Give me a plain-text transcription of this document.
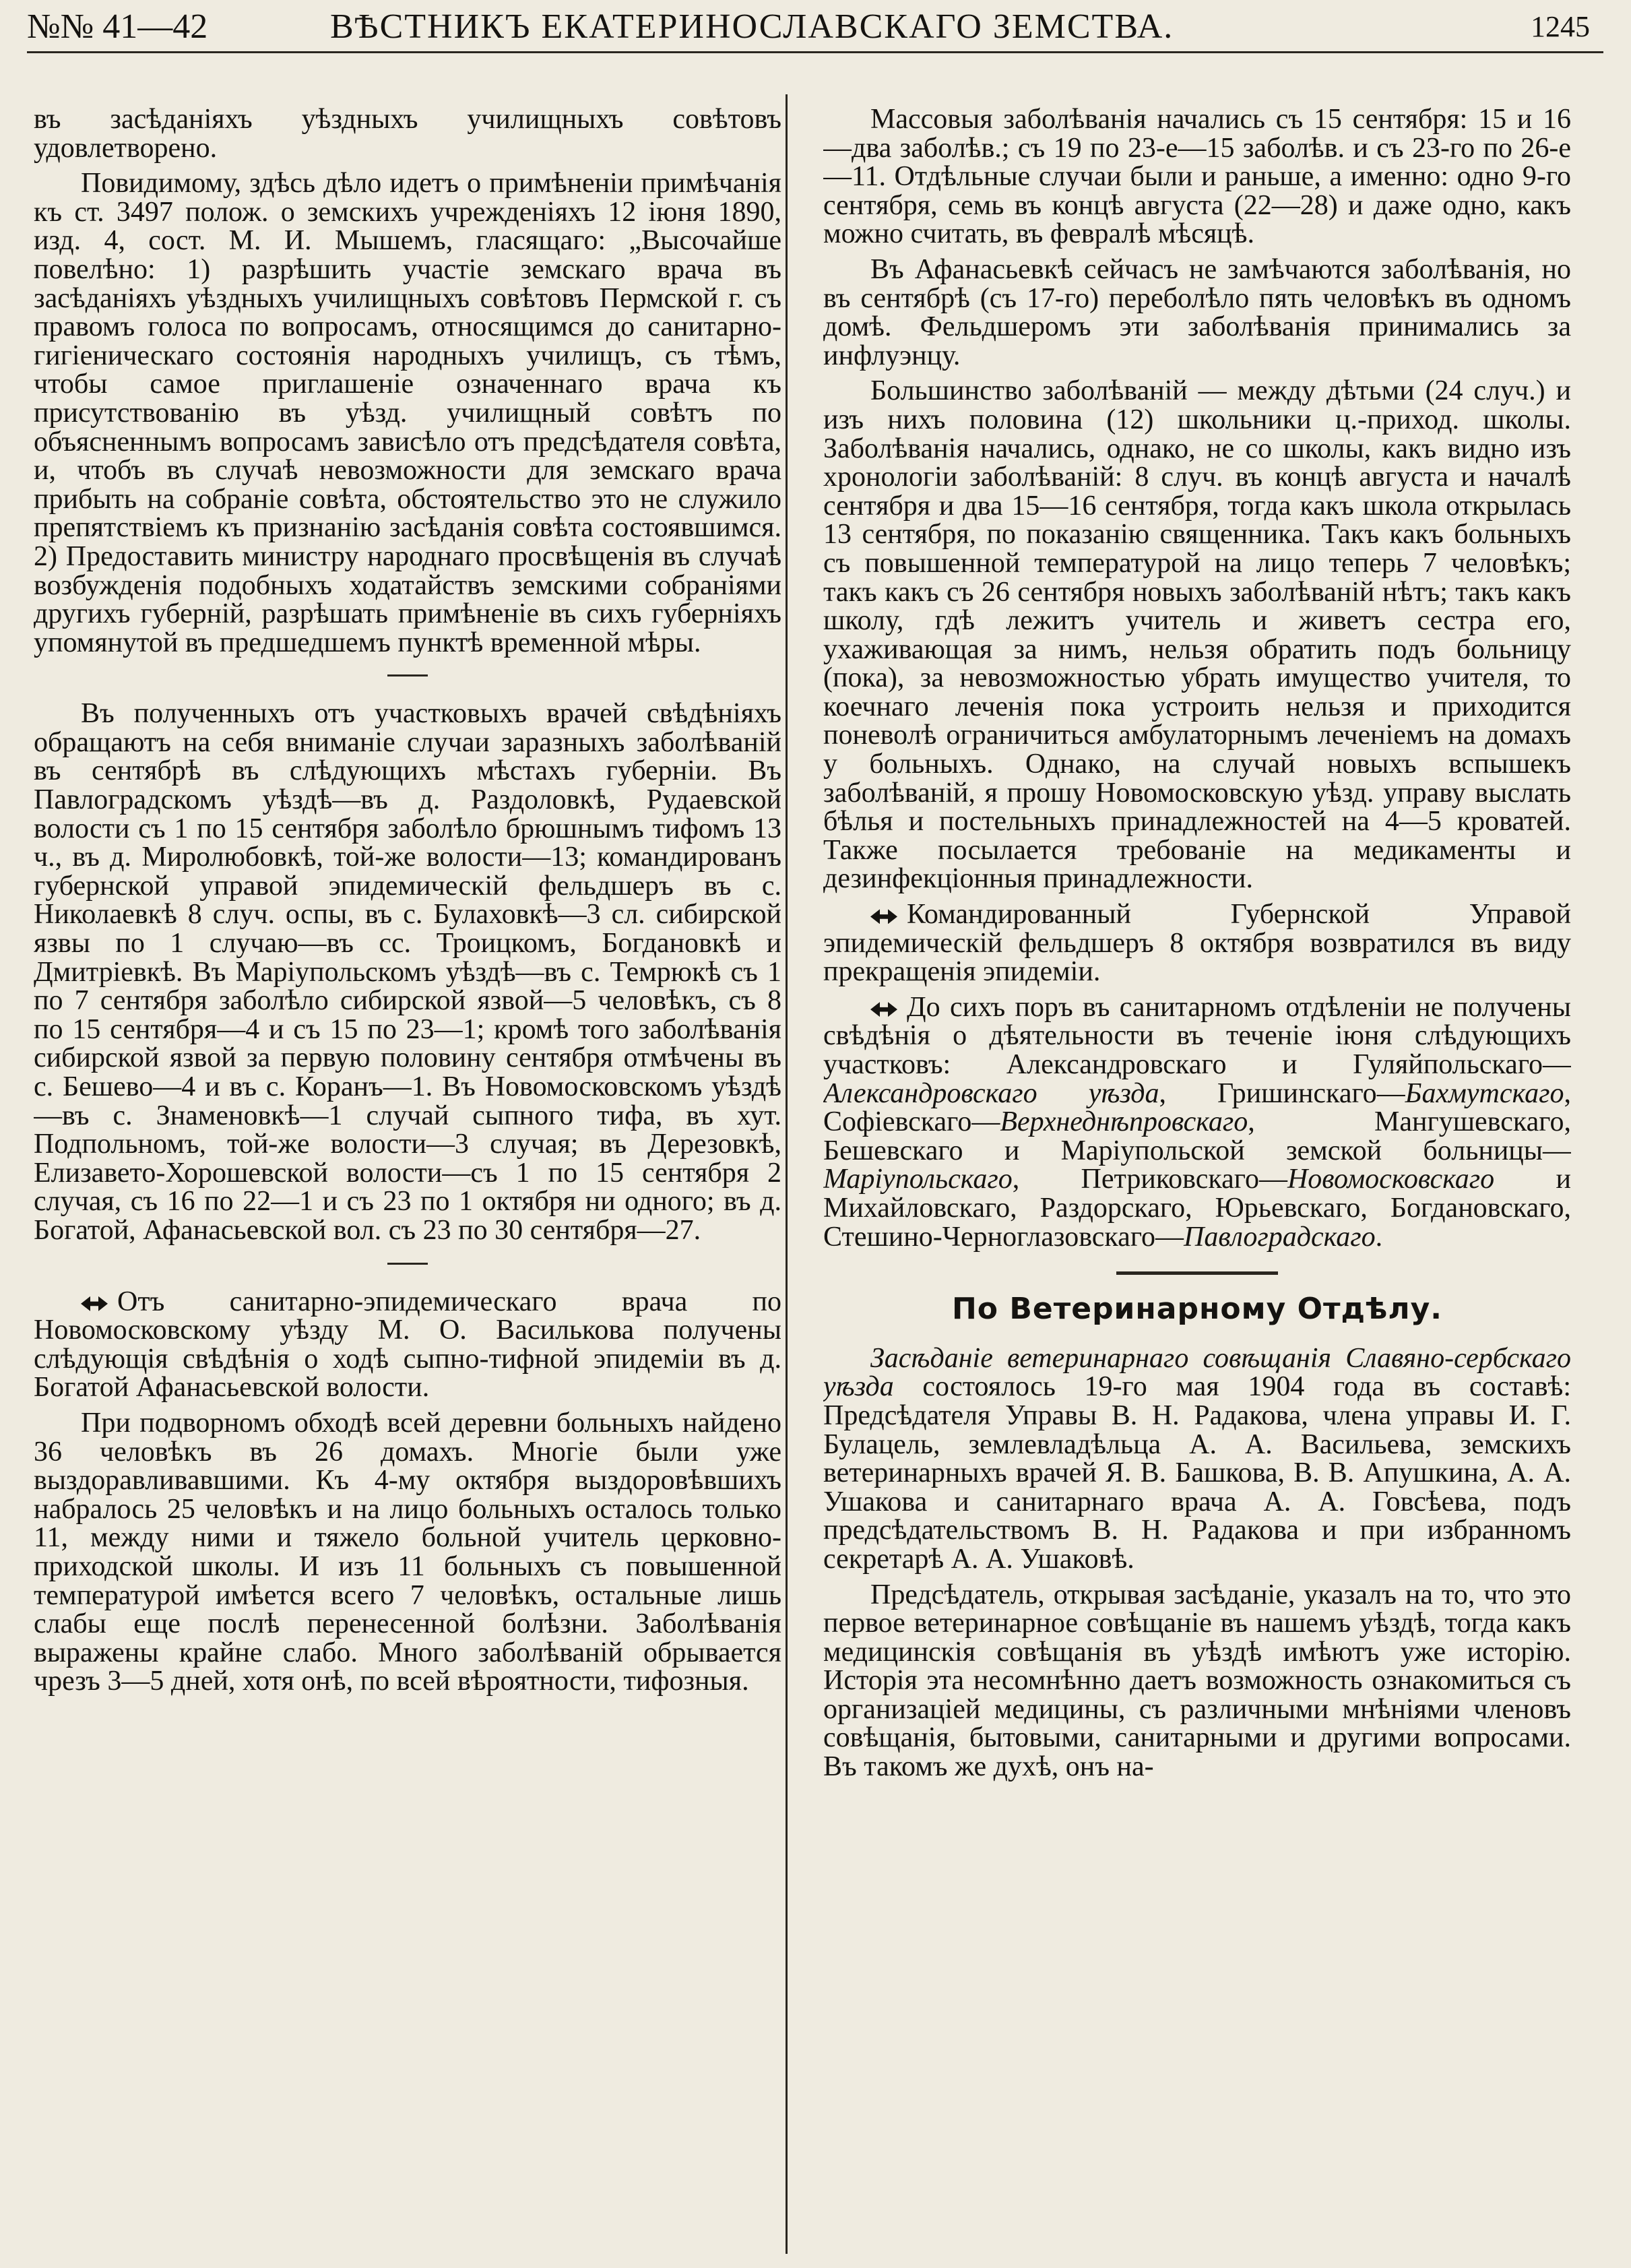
№№ 41—42	ВѢСТНИКЪ ЕКАТЕРИНОСЛАВСКАГО ЗЕМСТВА.	1245

въ засѣданiяхъ уѣздныхъ училищныхъ совѣтовъ удовлетворено.

Повидимому, здѣсь дѣло идетъ о примѣненiи примѣчанiя къ ст. 3497 полож. о земскихъ учрежденiяхъ 12 iюня 1890, изд. 4, сост. М. И. Мышемъ, гласящаго: „Высочайше повелѣно: 1) разрѣшить участiе земскаго врача въ засѣданiяхъ уѣздныхъ училищныхъ совѣтовъ Пермской г. съ правомъ голоса по вопросамъ, относящимся до санитарно-гигiеническаго состоянiя народныхъ училищъ, съ тѣмъ, чтобы самое приглашенiе означеннаго врача къ присутствованiю въ уѣзд. училищный совѣтъ по объясненнымъ вопросамъ зависѣло отъ предсѣдателя совѣта, и, чтобъ въ случаѣ невозможности для земскаго врача прибыть на собранiе совѣта, обстоятельство это не служило препятствiемъ къ признанiю засѣданiя совѣта состоявшимся. 2) Предоставить министру народнаго просвѣщенiя въ случаѣ возбужденiя подобныхъ ходатайствъ земскими собранiями другихъ губернiй, разрѣшать примѣненiе въ сихъ губернiяхъ упомянутой въ предшедшемъ пунктѣ временной мѣры.

Въ полученныхъ отъ участковыхъ врачей свѣдѣнiяхъ обращаютъ на себя вниманiе случаи заразныхъ заболѣванiй въ сентябрѣ въ слѣдующихъ мѣстахъ губернiи. Въ Павлоградскомъ уѣздѣ—въ д. Раздоловкѣ, Рудаевской волости съ 1 по 15 сентября заболѣло брюшнымъ тифомъ 13 ч., въ д. Миролюбовкѣ, той-же волости—13; командированъ губернской управой эпидемическiй фельдшеръ въ с. Николаевкѣ 8 случ. оспы, въ с. Булаховкѣ—3 сл. сибирской язвы по 1 случаю—въ сс. Троицкомъ, Богдановкѣ и Дмитрiевкѣ. Въ Марiупольскомъ уѣздѣ—въ с. Темрюкѣ съ 1 по 7 сентября заболѣло сибирской язвой—5 человѣкъ, съ 8 по 15 сентября—4 и съ 15 по 23—1; кромѣ того заболѣванiя сибирской язвой за первую половину сентября отмѣчены въ с. Бешево—4 и въ с. Коранъ—1. Въ Новомосковскомъ уѣздѣ—въ с. Знаменовкѣ—1 случай сыпного тифа, въ хут. Подпольномъ, той-же волости—3 случая; въ Дерезовкѣ, Елизавето-Хорошевской волости—съ 1 по 15 сентября 2 случая, съ 16 по 22—1 и съ 23 по 1 октября ни одного; въ д. Богатой, Афанасьевской вол. съ 23 по 30 сентября—27.

Отъ санитарно-эпидемическаго врача по Новомосковскому уѣзду М. О. Василькова получены слѣдующiя свѣдѣнiя о ходѣ сыпно-тифной эпидемiи въ д. Богатой Афанасьевской волости.

При подворномъ обходѣ всей деревни больныхъ найдено 36 человѣкъ въ 26 домахъ. Многiе были уже выздоравливавшими. Къ 4-му октября выздоровѣвшихъ набралось 25 человѣкъ и на лицо больныхъ осталось только 11, между ними и тяжело больной учитель церковно-приходской школы. И изъ 11 больныхъ съ повышенной температурой имѣется всего 7 человѣкъ, остальные лишь слабы еще послѣ перенесенной болѣзни. Заболѣванiя выражены крайне слабо. Много заболѣванiй обрывается чрезъ 3—5 дней, хотя онѣ, по всей вѣроятности, тифозныя.

Массовыя заболѣванiя начались съ 15 сентября: 15 и 16—два заболѣв.; съ 19 по 23-е—15 заболѣв. и съ 23-го по 26-е—11. Отдѣльные случаи были и раньше, а именно: одно 9-го сентября, семь въ концѣ августа (22—28) и даже одно, какъ можно считать, въ февралѣ мѣсяцѣ.

Въ Афанасьевкѣ сейчасъ не замѣчаются заболѣванiя, но въ сентябрѣ (съ 17-го) переболѣло пять человѣкъ въ одномъ домѣ. Фельдшеромъ эти заболѣванiя принимались за инфлуэнцу.

Большинство заболѣванiй — между дѣтьми (24 случ.) и изъ нихъ половина (12) школьники ц.-приход. школы. Заболѣванiя начались, однако, не со школы, какъ видно изъ хронологiи заболѣванiй: 8 случ. въ концѣ августа и началѣ сентября и два 15—16 сентября, тогда какъ школа открылась 13 сентября, по показанiю священника. Такъ какъ больныхъ съ повышенной температурой на лицо теперь 7 человѣкъ; такъ какъ съ 26 сентября новыхъ заболѣванiй нѣтъ; такъ какъ школу, гдѣ лежитъ учитель и живетъ сестра его, ухаживающая за нимъ, нельзя обратить подъ больницу (пока), за невозможностью убрать имущество учителя, то коечнаго леченiя пока устроить нельзя и приходится поневолѣ ограничиться амбулаторнымъ леченiемъ на домахъ у больныхъ. Однако, на случай новыхъ вспышекъ заболѣванiй, я прошу Новомосковскую уѣзд. управу выслать бѣлья и постельныхъ принадлежностей на 4—5 кроватей. Также посылается требованiе на медикаменты и дезинфекцiонныя принадлежности.

Командированный Губернской Управой эпидемическiй фельдшеръ 8 октября возвратился въ виду прекращенiя эпидемiи.

До сихъ поръ въ санитарномъ отдѣленiи не получены свѣдѣнiя о дѣятельности въ теченiе iюня слѣдующихъ участковъ: Александровскаго и Гуляйпольскаго—Александровскаго уѣзда, Гришинскаго—Бахмутскаго, Софiевскаго—Верхнеднѣпровскаго, Мангушевскаго, Бешевскаго и Марiупольской земской больницы—Марiупольскаго, Петриковскаго—Новомосковскаго и Михайловскаго, Раздорскаго, Юрьевскаго, Богдановскаго, Стешино-Черноглазовскаго—Павлоградскаго.

По Ветеринарному Отдѣлу.

Засѣданiе ветеринарнаго совѣщанiя Славяно-сербскаго уѣзда состоялось 19-го мая 1904 года въ составѣ: Предсѣдателя Управы В. Н. Радакова, члена управы И. Г. Булацель, землевладѣльца А. А. Васильева, земскихъ ветеринарныхъ врачей Я. В. Башкова, В. В. Апушкина, А. А. Ушакова и санитарнаго врача А. А. Говсѣева, подъ предсѣдательствомъ В. Н. Радакова и при избранномъ секретарѣ А. А. Ушаковѣ.

Предсѣдатель, открывая засѣданiе, указалъ на то, что это первое ветеринарное совѣщанiе въ нашемъ уѣздѣ, тогда какъ медицинскiя совѣщанiя въ уѣздѣ имѣютъ уже исторiю. Исторiя эта несомнѣнно даетъ возможность ознакомиться съ организацiей медицины, съ различными мнѣнiями членовъ совѣщанiя, бытовыми, санитарными и другими вопросами. Въ такомъ же духѣ, онъ на-
